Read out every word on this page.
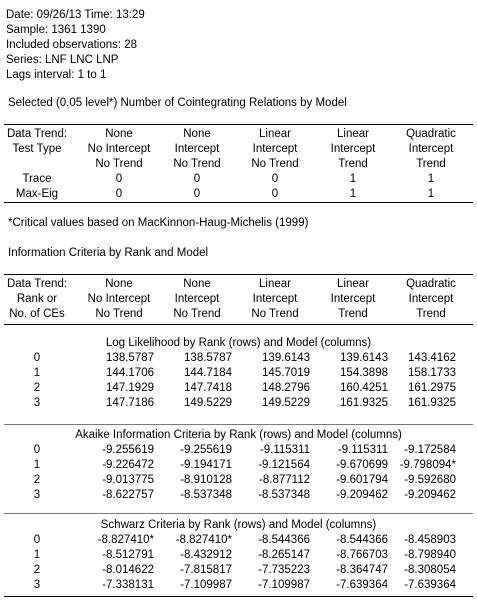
Date: 09/26/13 Time: 13:29
Sample: 1361 1390
Included observations: 28
Series: LNF LNC LNP
Lags interval: 1 to 1
Selected (0.05 level*) Number of Cointegrating Relations by Model
Data Trend:	None	None	Linear	Linear	Quadratic
Test Type	No Intercept	Intercept	Intercept	Intercept	Intercept
No Trend	No Trend	No Trend	Trend	Trend
Trace	0	0	0	1	1
Max-Eig	0	0	0	1	1
*Critical values based on MacKinnon-Haug-Michelis (1999)
Information Criteria by Rank and Model
Data Trend:	None	None	Linear	Linear	Quadratic
Rank or	No Intercept	Intercept	Intercept	Intercept	Intercept
No. of CEs	No Trend	No Trend	No Trend	Trend	Trend
Log Likelihood by Rank (rows) and Model (columns)
0	138.5787	138.5787	139.6143	139.6143	143.4162
1	144.1706	144.7184	145.7019	154.3898	158.1733
2	147.1929	147.7418	148.2796	160.4251	161.2975
3	147.7186	149.5229	149.5229	161.9325	161.9325
Akaike Information Criteria by Rank (rows) and Model (columns)
0	-9.255619	-9.255619	-9.115311	-9.115311	-9.172584
1	-9.226472	-9.194171	-9.121564	-9.670699	-9.798094*
2	-9.013775	-8.910128	-8.877112	-9.601794	-9.592680
3	-8.622757	-8.537348	-8.537348	-9.209462	-9.209462
Schwarz Criteria by Rank (rows) and Model (columns)
0	-8.827410*	-8.827410*	-8.544366	-8.544366	-8.458903
1	-8.512791	-8.432912	-8.265147	-8.766703	-8.798940
2	-8.014622	-7.815817	-7.735223	-8.364747	-8.308054
3	-7.338131	-7.109987	-7.109987	-7.639364	-7.639364
